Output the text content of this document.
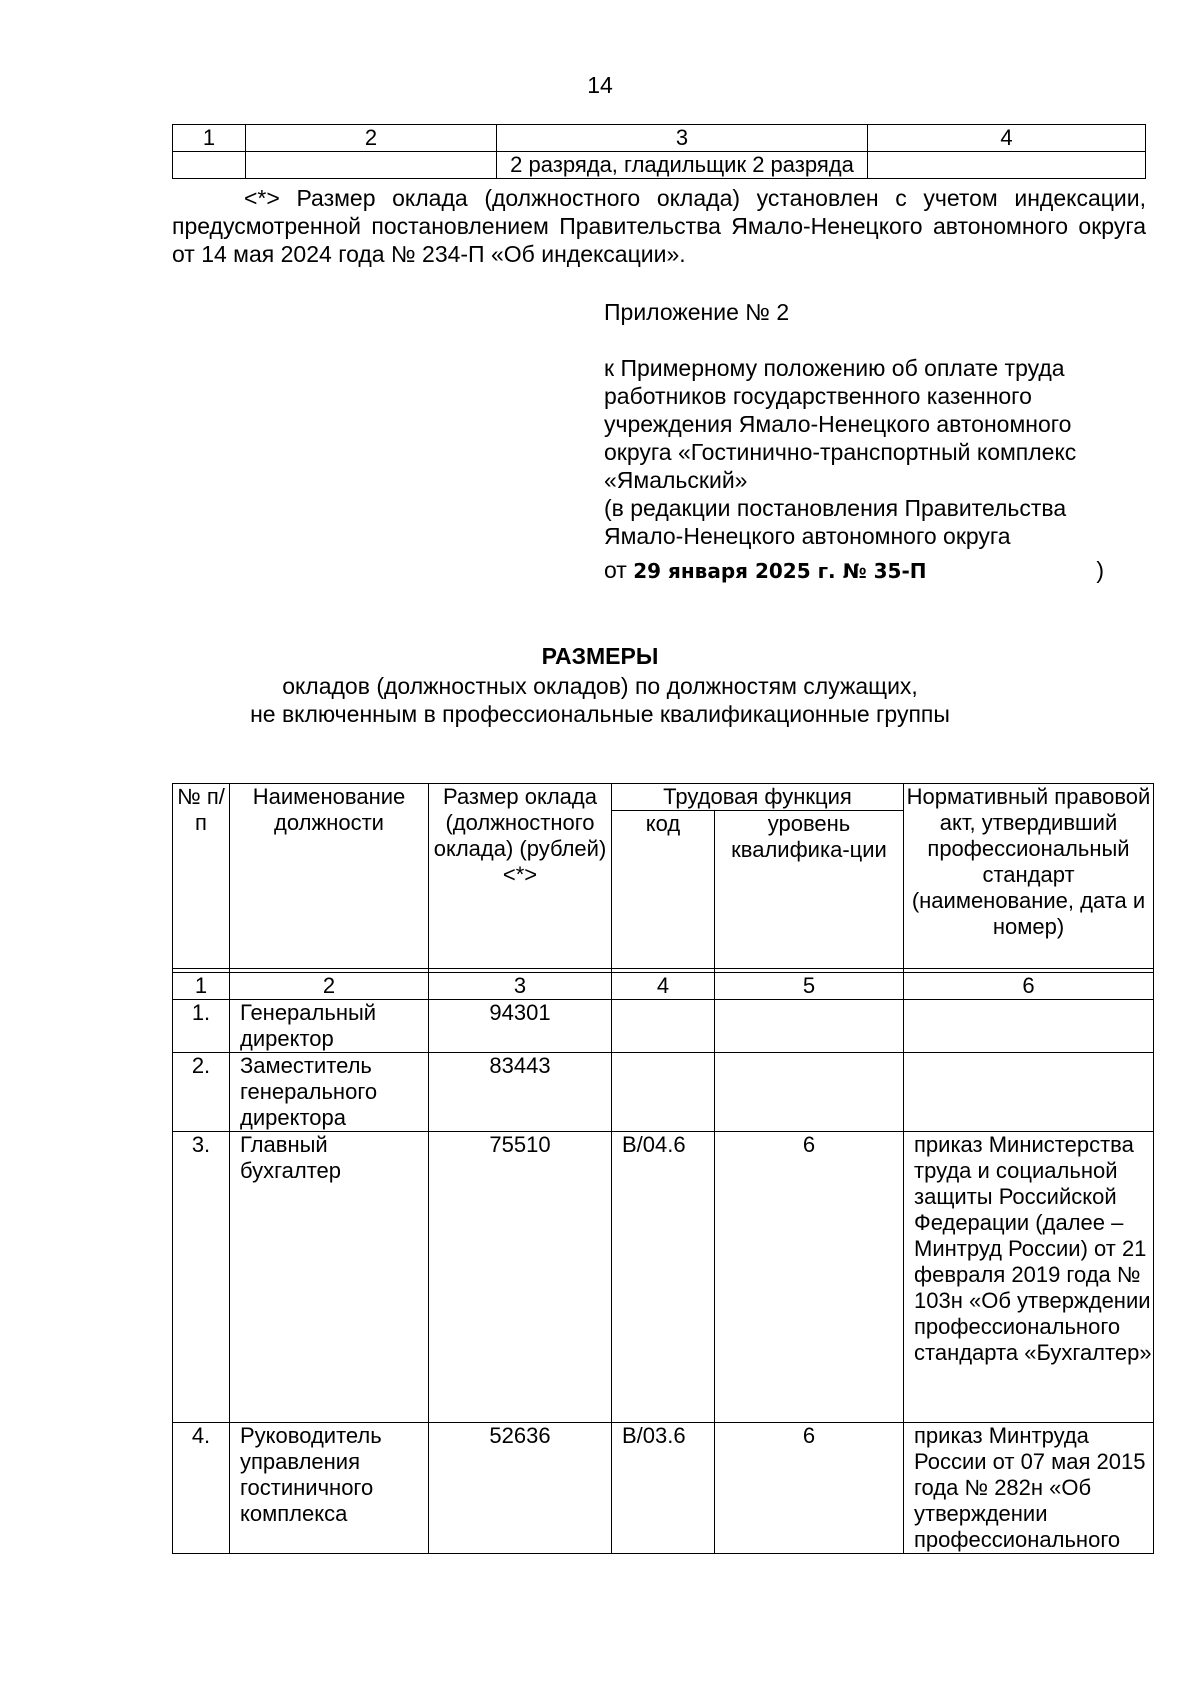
14
1	2	3	4
		2 разряда, гладильщик 2 разряда	
<*> Размер оклада (должностного оклада) установлен с учетом индексации, предусмотренной постановлением Правительства Ямало-Ненецкого автономного округа от 14 мая 2024 года № 234-П «Об индексации».
Приложение № 2
к Примерному положению об оплате труда
работников государственного казенного
учреждения Ямало-Ненецкого автономного
округа «Гостинично-транспортный комплекс
«Ямальский»
(в редакции постановления Правительства
Ямало-Ненецкого автономного округа
от 29 января 2025 г. № 35-П	)
РАЗМЕРЫ
окладов (должностных окладов) по должностям служащих,
не включенным в профессиональные квалификационные группы
№ п/п	Наименование должности	Размер оклада (должностного оклада) (рублей) <*>	Трудовая функция		Нормативный правовой акт, утвердивший профессиональный стандарт (наименование, дата и номер)
			код	уровень квалифика-ции	

1	2	3	4	5	6
1.	Генеральный директор	94301			
2.	Заместитель генерального директора	83443			
3.	Главный бухгалтер	75510	B/04.6	6	приказ Министерства труда и социальной защиты Российской Федерации (далее – Минтруд России) от 21 февраля 2019 года № 103н «Об утверждении профессионального стандарта «Бухгалтер»
4.	Руководитель управления гостиничного комплекса	52636	B/03.6	6	приказ Минтруда России от 07 мая 2015 года № 282н «Об утверждении профессионального
